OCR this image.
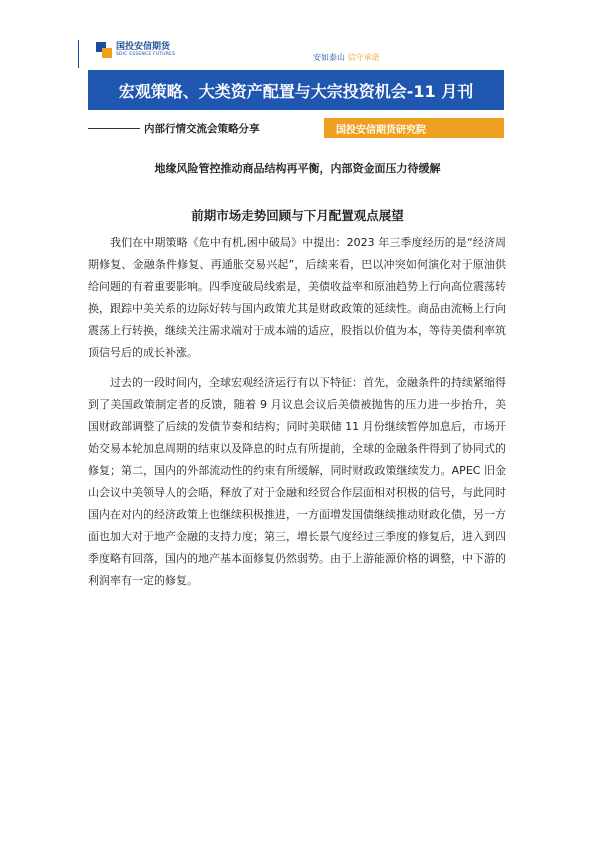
国投安信期货
SDIC ESSENCE FUTURES	安如泰山 信守承诺
宏观策略、大类资产配置与大宗投资机会-11 月刊
内部行情交流会策略分享	国投安信期货研究院
地缘风险管控推动商品结构再平衡，内部资金面压力待缓解
前期市场走势回顾与下月配置观点展望

我们在中期策略《危中有机,困中破局》中提出：2023 年三季度经历的是“经济周期修复、金融条件修复、再通胀交易兴起”，后续来看，巴以冲突如何演化对于原油供给问题的有着重要影响。四季度破局线索是，美债收益率和原油趋势上行向高位震荡转换，跟踪中美关系的边际好转与国内政策尤其是财政政策的延续性。商品由流畅上行向震荡上行转换，继续关注需求端对于成本端的适应，股指以价值为本，等待美债利率筑顶信号后的成长补涨。

过去的一段时间内，全球宏观经济运行有以下特征：首先，金融条件的持续紧缩得到了美国政策制定者的反馈，随着 9 月议息会议后美债被抛售的压力进一步抬升，美国财政部调整了后续的发债节奏和结构；同时美联储 11 月份继续暂停加息后，市场开始交易本轮加息周期的结束以及降息的时点有所提前，全球的金融条件得到了协同式的修复；第二，国内的外部流动性的约束有所缓解，同时财政政策继续发力。APEC 旧金山会议中美领导人的会晤，释放了对于金融和经贸合作层面相对积极的信号，与此同时国内在对内的经济政策上也继续积极推进，一方面增发国债继续推动财政化债，另一方面也加大对于地产金融的支持力度；第三，增长景气度经过三季度的修复后，进入到四季度略有回落，国内的地产基本面修复仍然弱势。由于上游能源价格的调整，中下游的利润率有一定的修复。
